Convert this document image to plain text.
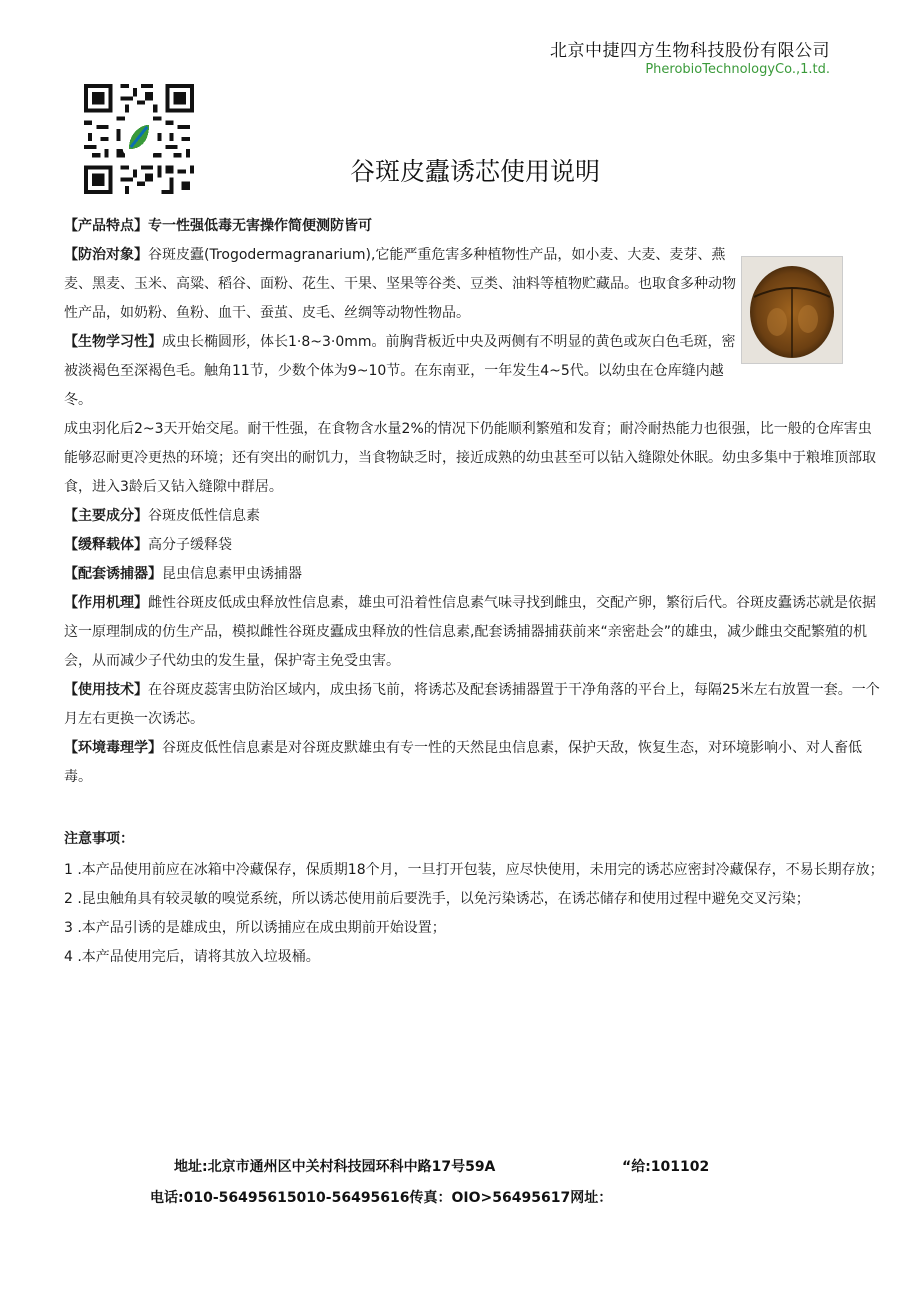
北京中捷四方生物科技股份有限公司
PherobioTechnologyCo.,1.td.
谷斑皮蠹诱芯使用说明

【产品特点】专一性强低毒无害操作简便测防皆可

【防治对象】谷斑皮蠹(Trogodermagranarium),它能严重危害多种植物性产品，如小麦、大麦、麦芽、燕麦、黑麦、玉米、高粱、稻谷、面粉、花生、干果、坚果等谷类、豆类、油料等植物贮藏品。也取食多种动物性产品，如奶粉、鱼粉、血干、蚕茧、皮毛、丝绸等动物性物品。

【生物学习性】成虫长椭圆形，体长1·8~3·0mm。前胸背板近中央及两侧有不明显的黄色或灰白色毛斑，密被淡褐色至深褐色毛。触角11节，少数个体为9~10节。在东南亚，一年发生4~5代。以幼虫在仓库缝内越冬。

成虫羽化后2~3天开始交尾。耐干性强，在食物含水量2%的情况下仍能顺利繁殖和发育；耐冷耐热能力也很强，比一般的仓库害虫能够忍耐更冷更热的环境；还有突出的耐饥力，当食物缺乏时，接近成熟的幼虫甚至可以钻入缝隙处休眠。幼虫多集中于粮堆顶部取食，进入3龄后又钻入缝隙中群居。

【主要成分】谷斑皮低性信息素

【缓释载体】高分子缓释袋

【配套诱捕器】昆虫信息素甲虫诱捕器

【作用机理】雌性谷斑皮低成虫释放性信息素，雄虫可沿着性信息素气味寻找到雌虫，交配产卵，繁衍后代。谷斑皮蠹诱芯就是依据这一原理制成的仿生产品，模拟雌性谷斑皮蠹成虫释放的性信息素,配套诱捕器捕获前来“亲密赴会”的雄虫，减少雌虫交配繁殖的机会，从而减少子代幼虫的发生量，保护寄主免受虫害。

【使用技术】在谷斑皮蕊害虫防治区域内，成虫扬飞前，将诱芯及配套诱捕器置于干净角落的平台上，每隔25米左右放置一套。一个月左右更换一次诱芯。

【环境毒理学】谷斑皮低性信息素是对谷斑皮默雄虫有专一性的天然昆虫信息素，保护天敌，恢复生态，对环境影响小、对人畜低毒。

注意事项：

1 .本产品使用前应在冰箱中冷藏保存，保质期18个月，一旦打开包装，应尽快使用，未用完的诱芯应密封冷藏保存，不易长期存放；

2 .昆虫触角具有较灵敏的嗅觉系统，所以诱芯使用前后要洗手，以免污染诱芯，在诱芯储存和使用过程中避免交叉污染；

3 .本产品引诱的是雄成虫，所以诱捕应在成虫期前开始设置；

4 .本产品使用完后，请将其放入垃圾桶。

地址:北京市通州区中关村科技园环科中路17号59A	“给:101102
电话:010-56495615010-56495616传真：OIO>56495617网址：
